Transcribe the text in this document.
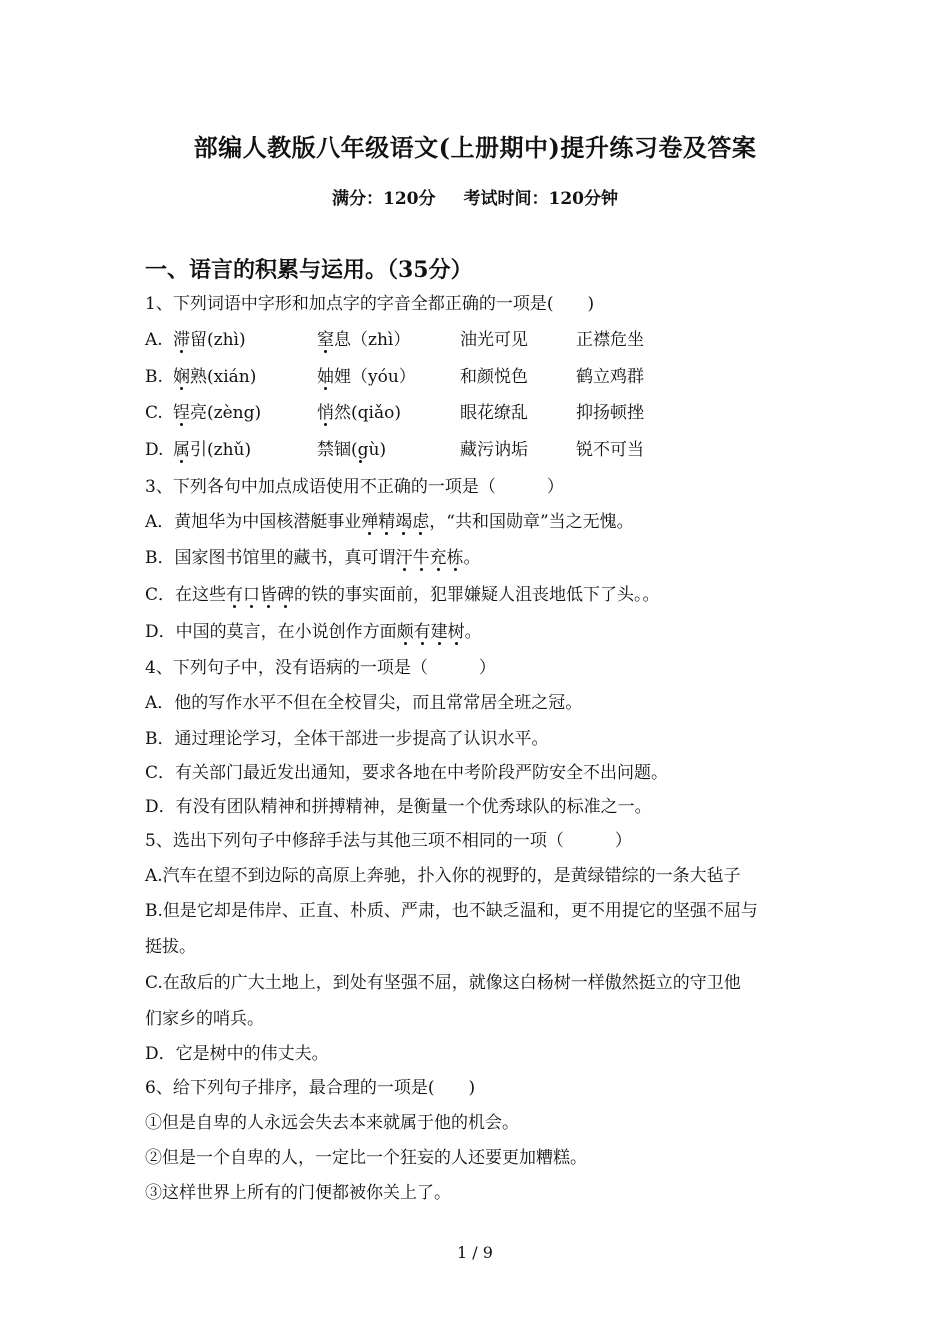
部编人教版八年级语文(上册期中)提升练习卷及答案
满分：120分 考试时间：120分钟
一、语言的积累与运用。（35分）
1、下列词语中字形和加点字的字音全都正确的一项是(　　)
A. 滞留(zhì)	窒息（zhì）	油光可见	正襟危坐
B. 娴熟(xián)	妯娌（yóu）	和颜悦色	鹤立鸡群
C. 锃亮(zèng)	悄然(qiǎo)	眼花缭乱	抑扬顿挫
D. 属引(zhǔ)	禁锢(gù)	藏污讷垢	锐不可当
3、下列各句中加点成语使用不正确的一项是（　　　）
A．黄旭华为中国核潜艇事业殚精竭虑，“共和国勋章”当之无愧。
B．国家图书馆里的藏书，真可谓汗牛充栋。
C．在这些有口皆碑的铁的事实面前，犯罪嫌疑人沮丧地低下了头。。
D．中国的莫言，在小说创作方面颇有建树。
4、下列句子中，没有语病的一项是（　　　）
A．他的写作水平不但在全校冒尖，而且常常居全班之冠。
B．通过理论学习，全体干部进一步提高了认识水平。
C．有关部门最近发出通知，要求各地在中考阶段严防安全不出问题。
D．有没有团队精神和拼搏精神，是衡量一个优秀球队的标准之一。
5、选出下列句子中修辞手法与其他三项不相同的一项（　　　）
A.汽车在望不到边际的高原上奔驰，扑入你的视野的，是黄绿错综的一条大毡子
B.但是它却是伟岸、正直、朴质、严肃，也不缺乏温和，更不用提它的坚强不屈与
挺拔。
C.在敌后的广大土地上，到处有坚强不屈，就像这白杨树一样傲然挺立的守卫他
们家乡的哨兵。
D．它是树中的伟丈夫。
6、给下列句子排序，最合理的一项是(　　)
①但是自卑的人永远会失去本来就属于他的机会。
②但是一个自卑的人，一定比一个狂妄的人还要更加糟糕。
③这样世界上所有的门便都被你关上了。
1 / 9
